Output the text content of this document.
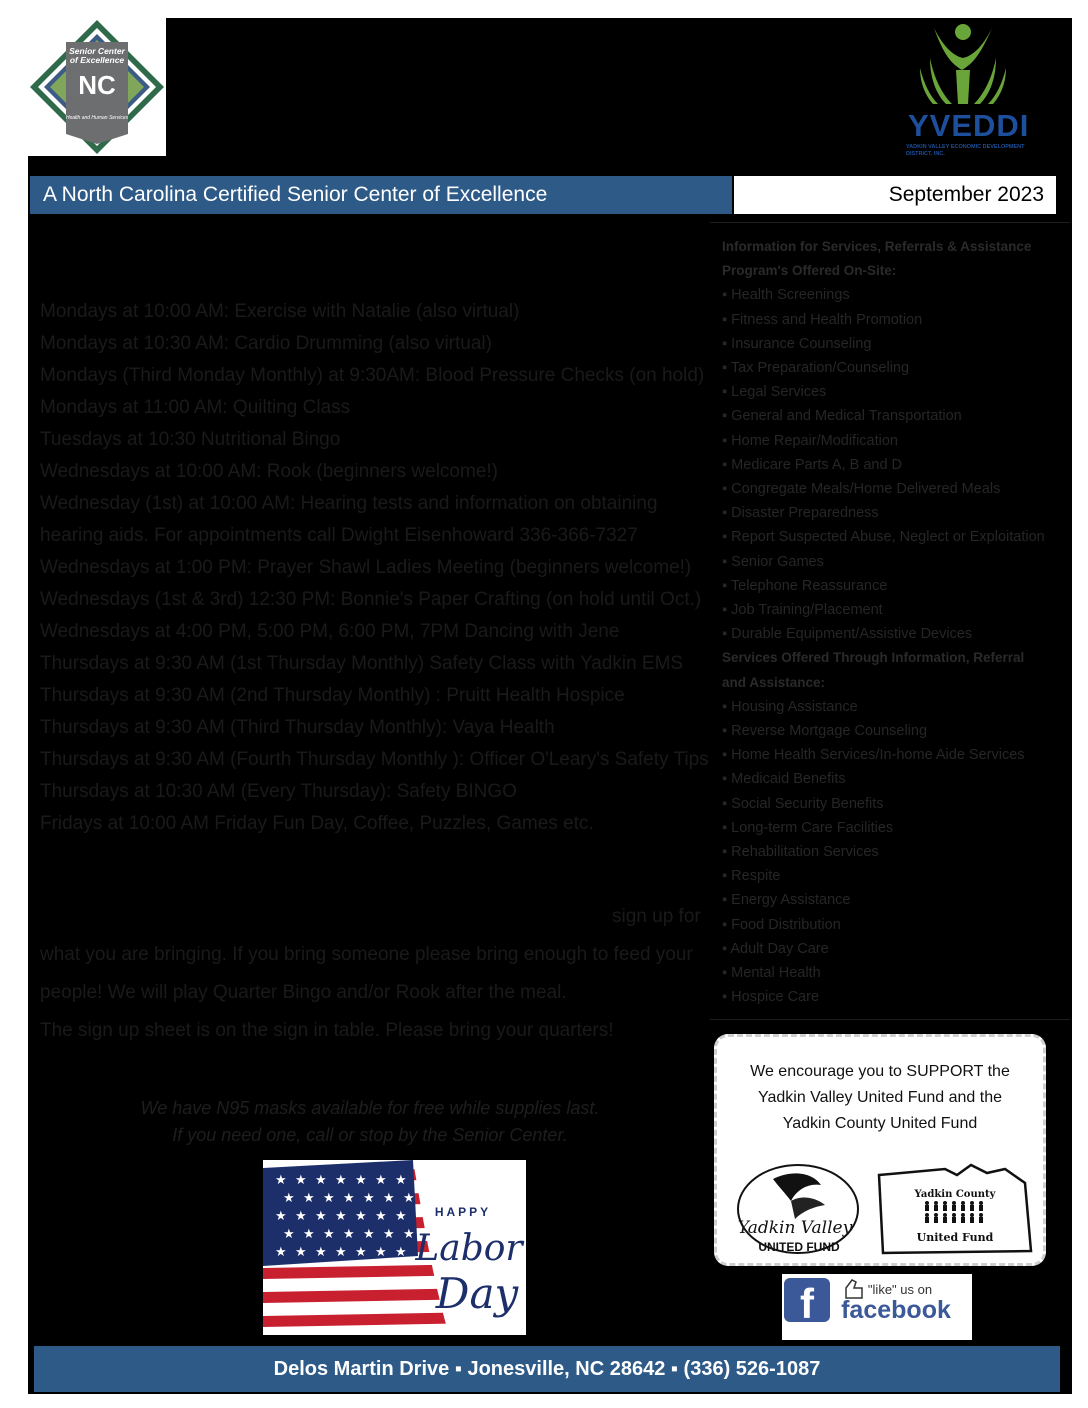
Senior Center
of Excellence
NC
Health and Human Services	YVEDDI
YADKIN VALLEY ECONOMIC DEVELOPMENT DISTRICT, INC.
A North Carolina Certified Senior Center of Excellence	September 2023
Mondays at 10:00 AM: Exercise with Natalie (also virtual)
Mondays at 10:30 AM: Cardio Drumming (also virtual)
Mondays (Third Monday Monthly) at 9:30AM: Blood Pressure Checks (on hold)
Mondays at 11:00 AM: Quilting Class
Tuesdays at 10:30 Nutritional Bingo
Wednesdays at 10:00 AM: Rook (beginners welcome!)
Wednesday (1st) at 10:00 AM: Hearing tests and information on obtaining
hearing aids. For appointments call Dwight Eisenhoward 336-366-7327
Wednesdays at 1:00 PM: Prayer Shawl Ladies Meeting (beginners welcome!)
Wednesdays (1st & 3rd) 12:30 PM: Bonnie's Paper Crafting (on hold until Oct.)
Wednesdays at 4:00 PM, 5:00 PM, 6:00 PM, 7PM Dancing with Jene
Thursdays at 9:30 AM (1st Thursday Monthly) Safety Class with Yadkin EMS
Thursdays at 9:30 AM (2nd Thursday Monthly) : Pruitt Health Hospice
Thursdays at 9:30 AM (Third Thursday Monthly): Vaya Health
Thursdays at 9:30 AM (Fourth Thursday Monthly ): Officer O'Leary's Safety Tips
Thursdays at 10:30 AM (Every Thursday): Safety BINGO
Fridays at 10:00 AM Friday Fun Day, Coffee, Puzzles, Games etc.
sign up for
what you are bringing. If you bring someone please bring enough to feed your
people! We will play Quarter Bingo and/or Rook after the meal.
The sign up sheet is on the sign in table. Please bring your quarters!
We have N95 masks available for free while supplies last.
If you need one, call or stop by the Senior Center.
★ ★ ★ ★ ★ ★ ★
★ ★ ★ ★ ★ ★ ★
★ ★ ★ ★ ★ ★ ★
★ ★ ★ ★ ★ ★ ★
★ ★ ★ ★ ★ ★ ★
HAPPY
Labor
Day
Information for Services, Referrals & Assistance
Program's Offered On-Site:
▪ Health Screenings
▪ Fitness and Health Promotion
▪ Insurance Counseling
▪ Tax Preparation/Counseling
▪ Legal Services
▪ General and Medical Transportation
▪ Home Repair/Modification
▪ Medicare Parts A, B and D
▪ Congregate Meals/Home Delivered Meals
▪ Disaster Preparedness
▪ Report Suspected Abuse, Neglect or Exploitation
▪ Senior Games
▪ Telephone Reassurance
▪ Job Training/Placement
▪ Durable Equipment/Assistive Devices
Services Offered Through Information, Referral
and Assistance:
▪ Housing Assistance
▪ Reverse Mortgage Counseling
▪ Home Health Services/In-home Aide Services
▪ Medicaid Benefits
▪ Social Security Benefits
▪ Long-term Care Facilities
▪ Rehabilitation Services
▪ Respite
▪ Energy Assistance
▪ Food Distribution
▪ Adult Day Care
▪ Mental Health
▪ Hospice Care
We encourage you to SUPPORT the
Yadkin Valley United Fund and the
Yadkin County United Fund
Yadkin Valley
UNITED FUND
Yadkin County
United Fund
f	"like" us on
facebook
Delos Martin Drive ▪ Jonesville, NC 28642 ▪ (336) 526-1087
